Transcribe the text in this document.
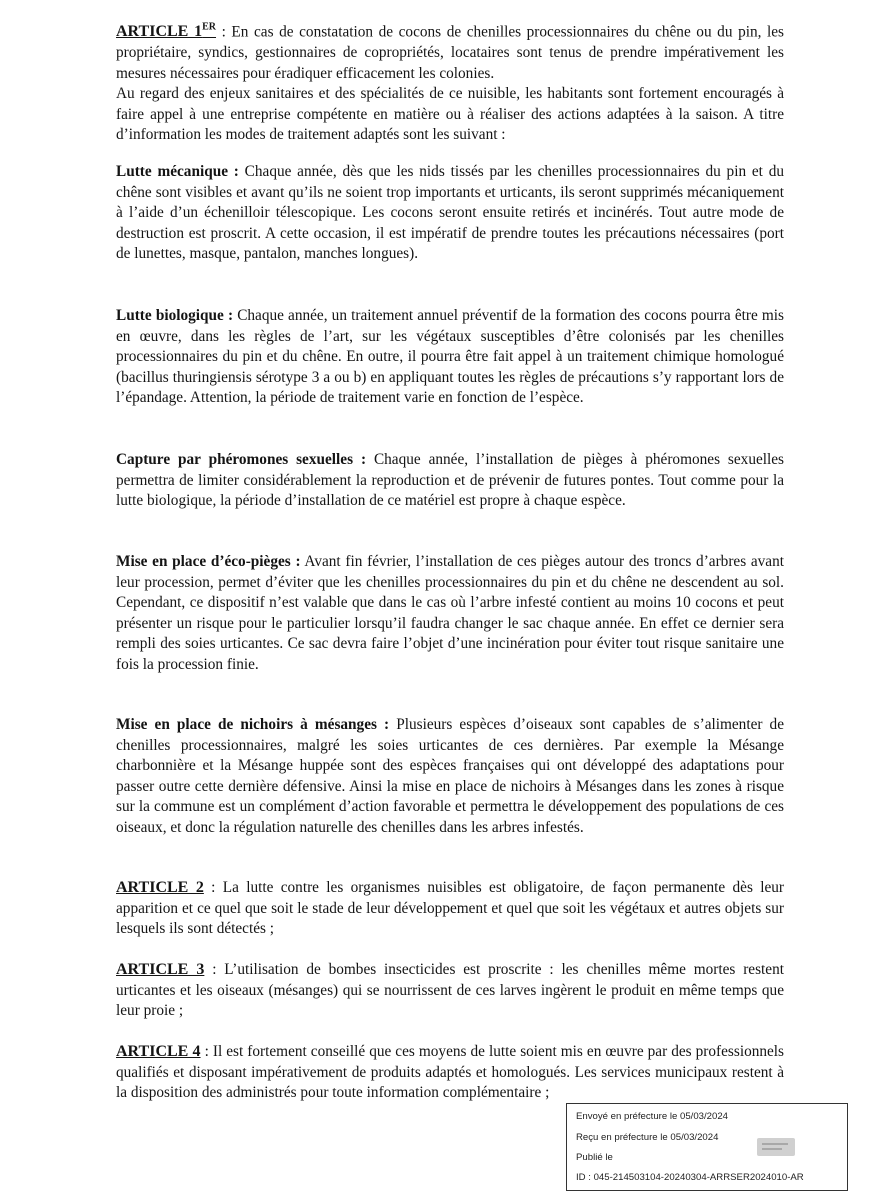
ARTICLE 1ER : En cas de constatation de cocons de chenilles processionnaires du chêne ou du pin, les propriétaire, syndics, gestionnaires de copropriétés, locataires sont tenus de prendre impérativement les mesures nécessaires pour éradiquer efficacement les colonies.
Au regard des enjeux sanitaires et des spécialités de ce nuisible, les habitants sont fortement encouragés à faire appel à une entreprise compétente en matière ou à réaliser des actions adaptées à la saison. A titre d’information les modes de traitement adaptés sont les suivant :

Lutte mécanique : Chaque année, dès que les nids tissés par les chenilles processionnaires du pin et du chêne sont visibles et avant qu’ils ne soient trop importants et urticants, ils seront supprimés mécaniquement à l’aide d’un échenilloir télescopique. Les cocons seront ensuite retirés et incinérés. Tout autre mode de destruction est proscrit. A cette occasion, il est impératif de prendre toutes les précautions nécessaires (port de lunettes, masque, pantalon, manches longues).

Lutte biologique : Chaque année, un traitement annuel préventif de la formation des cocons pourra être mis en œuvre, dans les règles de l’art, sur les végétaux susceptibles d’être colonisés par les chenilles processionnaires du pin et du chêne. En outre, il pourra être fait appel à un traitement chimique homologué (bacillus thuringiensis sérotype 3 a ou b) en appliquant toutes les règles de précautions s’y rapportant lors de l’épandage. Attention, la période de traitement varie en fonction de l’espèce.

Capture par phéromones sexuelles : Chaque année, l’installation de pièges à phéromones sexuelles permettra de limiter considérablement la reproduction et de prévenir de futures pontes. Tout comme pour la lutte biologique, la période d’installation de ce matériel est propre à chaque espèce.

Mise en place d’éco-pièges : Avant fin février, l’installation de ces pièges autour des troncs d’arbres avant leur procession, permet d’éviter que les chenilles processionnaires du pin et du chêne ne descendent au sol. Cependant, ce dispositif n’est valable que dans le cas où l’arbre infesté contient au moins 10 cocons et peut présenter un risque pour le particulier lorsqu’il faudra changer le sac chaque année. En effet ce dernier sera rempli des soies urticantes. Ce sac devra faire l’objet d’une incinération pour éviter tout risque sanitaire une fois la procession finie.

Mise en place de nichoirs à mésanges : Plusieurs espèces d’oiseaux sont capables de s’alimenter de chenilles processionnaires, malgré les soies urticantes de ces dernières. Par exemple la Mésange charbonnière et la Mésange huppée sont des espèces françaises qui ont développé des adaptations pour passer outre cette dernière défensive. Ainsi la mise en place de nichoirs à Mésanges dans les zones à risque sur la commune est un complément d’action favorable et permettra le développement des populations de ces oiseaux, et donc la régulation naturelle des chenilles dans les arbres infestés.

ARTICLE 2 : La lutte contre les organismes nuisibles est obligatoire, de façon permanente dès leur apparition et ce quel que soit le stade de leur développement et quel que soit les végétaux et autres objets sur lesquels ils sont détectés ;

ARTICLE 3 : L’utilisation de bombes insecticides est proscrite : les chenilles même mortes restent urticantes et les oiseaux (mésanges) qui se nourrissent de ces larves ingèrent le produit en même temps que leur proie ;

ARTICLE 4 : Il est fortement conseillé que ces moyens de lutte soient mis en œuvre par des professionnels qualifiés et disposant impérativement de produits adaptés et homologués. Les services municipaux restent à la disposition des administrés pour toute information complémentaire ;

Envoyé en préfecture le 05/03/2024
Reçu en préfecture le 05/03/2024
Publié le
ID : 045-214503104-20240304-ARRSER2024010-AR
